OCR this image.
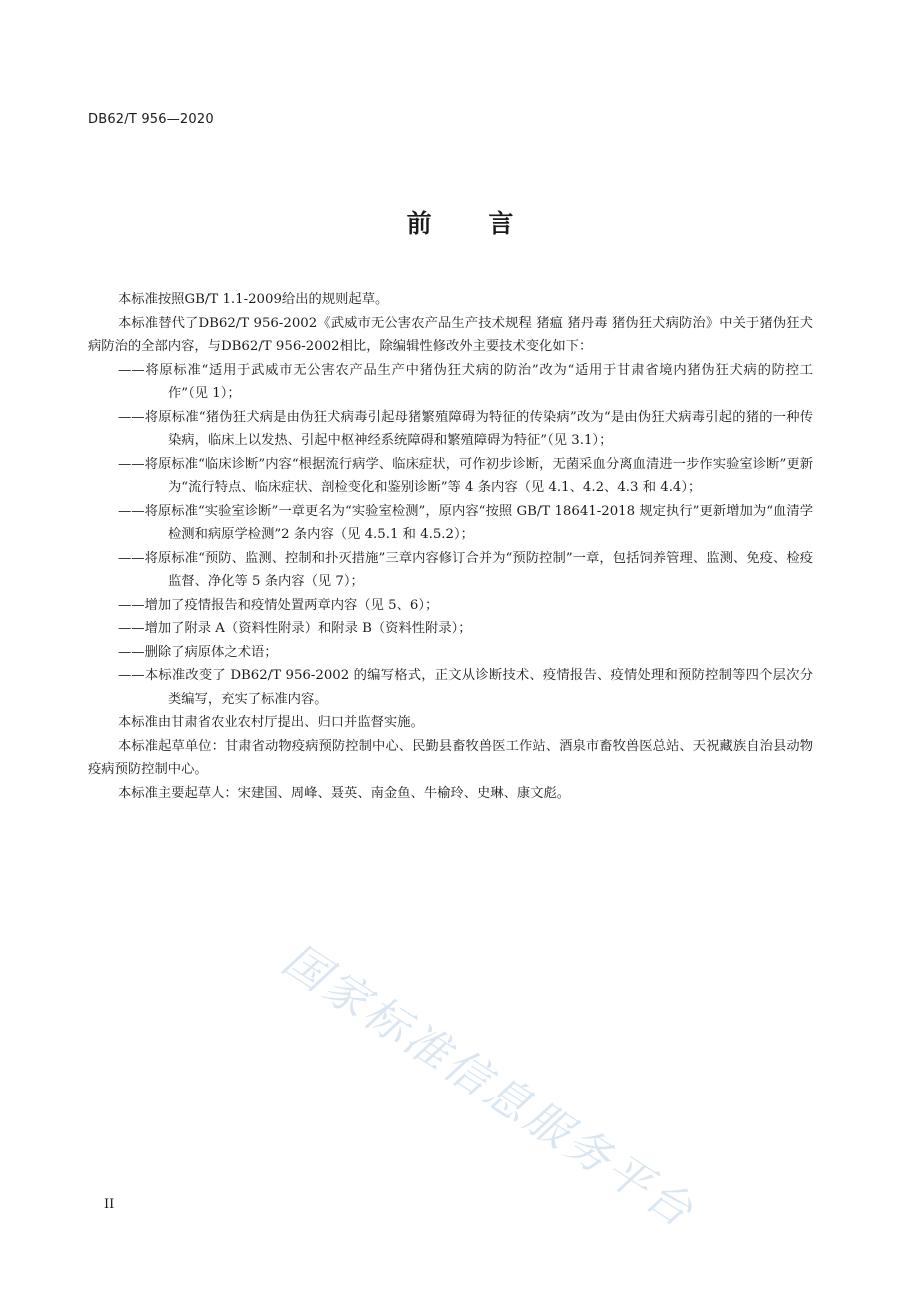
DB62/T 956—2020
前 言

本标准按照GB/T 1.1-2009给出的规则起草。

本标准替代了DB62/T 956-2002《武威市无公害农产品生产技术规程 猪瘟 猪丹毒 猪伪狂犬病防治》中关于猪伪狂犬病防治的全部内容，与DB62/T 956-2002相比，除编辑性修改外主要技术变化如下：

——将原标准“适用于武威市无公害农产品生产中猪伪狂犬病的防治”改为“适用于甘肃省境内猪伪狂犬病的防控工作”（见 1）；

——将原标准“猪伪狂犬病是由伪狂犬病毒引起母猪繁殖障碍为特征的传染病”改为“是由伪狂犬病毒引起的猪的一种传染病，临床上以发热、引起中枢神经系统障碍和繁殖障碍为特征”（见 3.1）；

——将原标准“临床诊断”内容“根据流行病学、临床症状，可作初步诊断，无菌采血分离血清进一步作实验室诊断”更新为“流行特点、临床症状、剖检变化和鉴别诊断”等 4 条内容（见 4.1、4.2、4.3 和 4.4）；

——将原标准“实验室诊断”一章更名为“实验室检测”，原内容“按照 GB/T 18641-2018 规定执行”更新增加为“血清学检测和病原学检测”2 条内容（见 4.5.1 和 4.5.2）；

——将原标准“预防、监测、控制和扑灭措施”三章内容修订合并为“预防控制”一章，包括饲养管理、监测、免疫、检疫监督、净化等 5 条内容（见 7）；

——增加了疫情报告和疫情处置两章内容（见 5、6）；

——增加了附录 A（资料性附录）和附录 B（资料性附录）；

——删除了病原体之术语；

——本标准改变了 DB62/T 956-2002 的编写格式，正文从诊断技术、疫情报告、疫情处理和预防控制等四个层次分类编写，充实了标准内容。

本标准由甘肃省农业农村厅提出、归口并监督实施。

本标准起草单位：甘肃省动物疫病预防控制中心、民勤县畜牧兽医工作站、酒泉市畜牧兽医总站、天祝藏族自治县动物疫病预防控制中心。

本标准主要起草人：宋建国、周峰、聂英、南金鱼、牛榆玲、史琳、康文彪。

国家标准信息服务平台
II
